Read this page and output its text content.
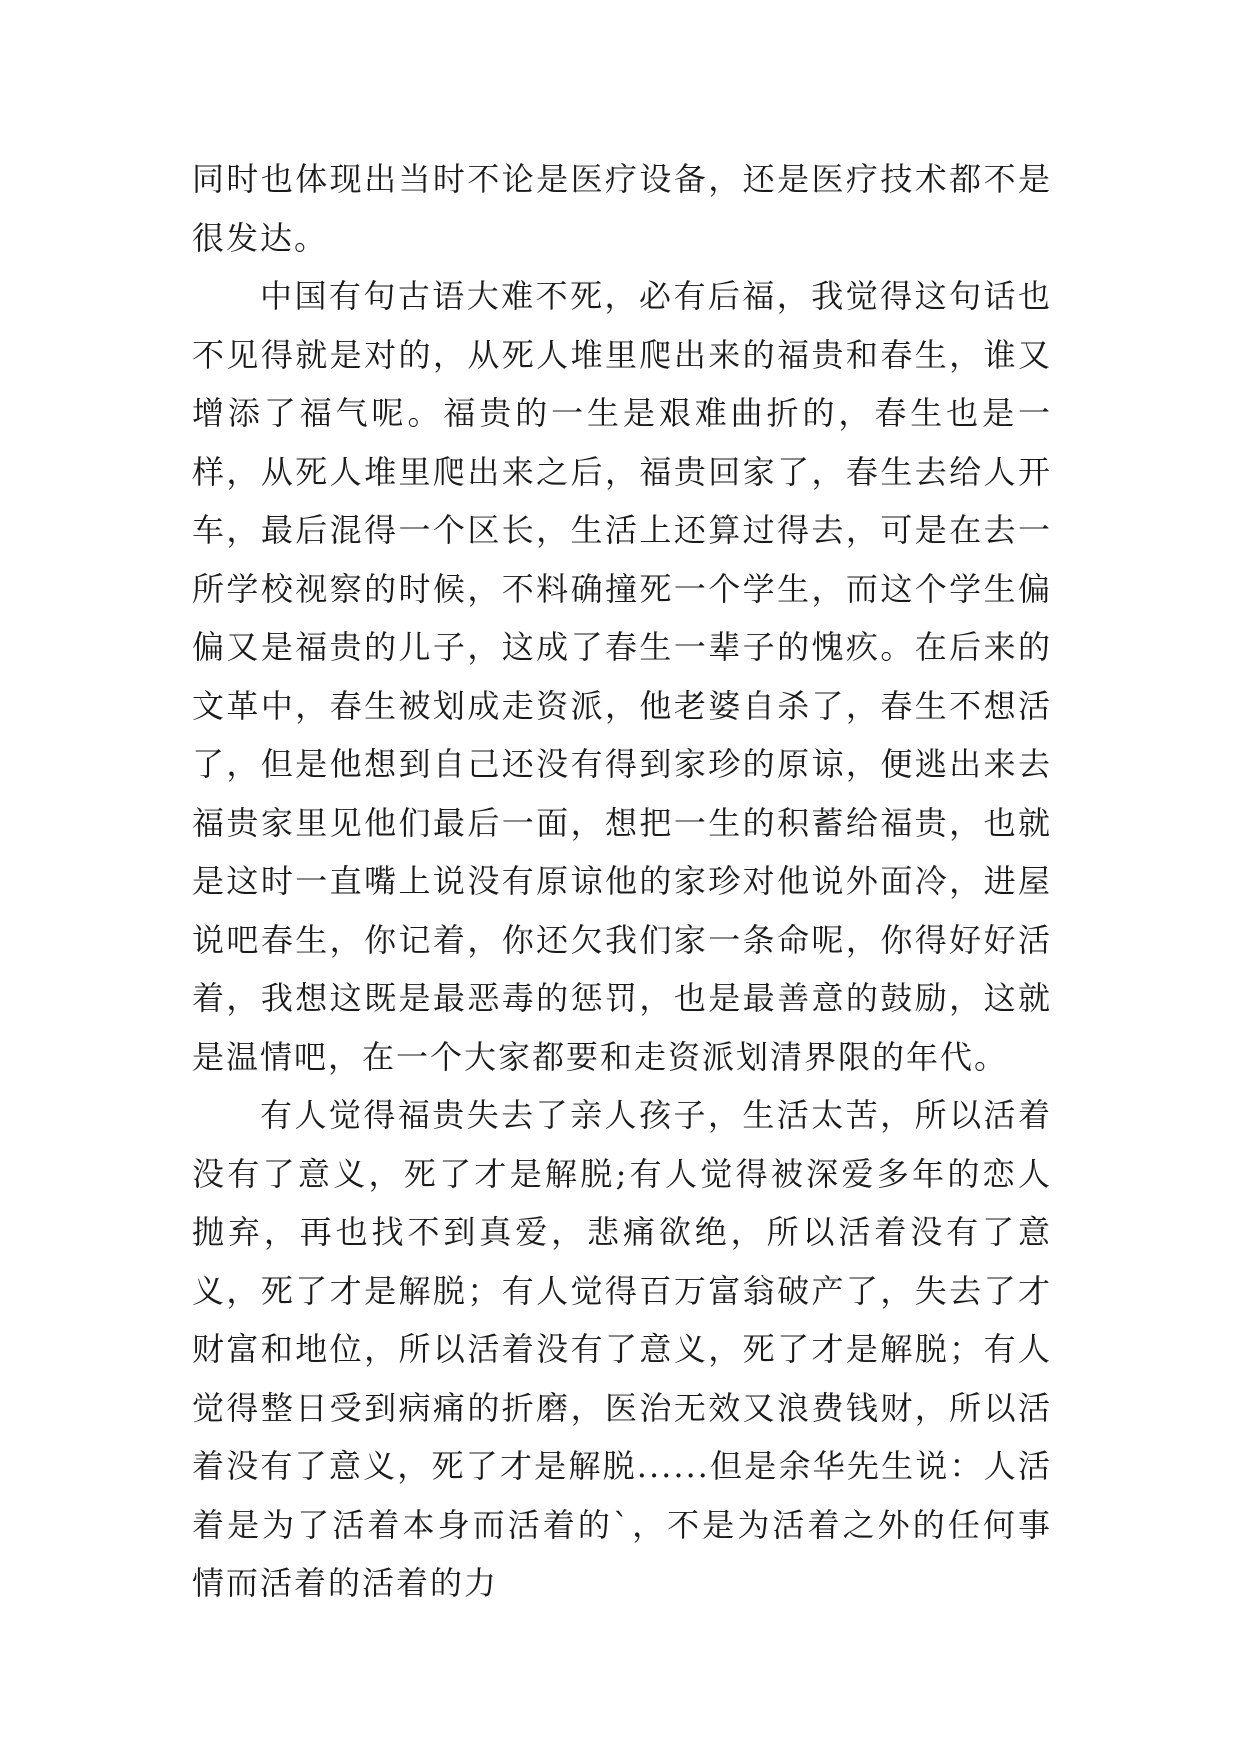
同时也体现出当时不论是医疗设备，还是医疗技术都不是很发达。

中国有句古语大难不死，必有后福，我觉得这句话也不见得就是对的，从死人堆里爬出来的福贵和春生，谁又增添了福气呢。福贵的一生是艰难曲折的，春生也是一样，从死人堆里爬出来之后，福贵回家了，春生去给人开车，最后混得一个区长，生活上还算过得去，可是在去一所学校视察的时候，不料确撞死一个学生，而这个学生偏偏又是福贵的儿子，这成了春生一辈子的愧疚。在后来的文革中，春生被划成走资派，他老婆自杀了，春生不想活了，但是他想到自己还没有得到家珍的原谅，便逃出来去福贵家里见他们最后一面，想把一生的积蓄给福贵，也就是这时一直嘴上说没有原谅他的家珍对他说外面冷，进屋说吧春生，你记着，你还欠我们家一条命呢，你得好好活着，我想这既是最恶毒的惩罚，也是最善意的鼓励，这就是温情吧，在一个大家都要和走资派划清界限的年代。

有人觉得福贵失去了亲人孩子，生活太苦，所以活着没有了意义，死了才是解脱;有人觉得被深爱多年的恋人抛弃，再也找不到真爱，悲痛欲绝，所以活着没有了意义，死了才是解脱；有人觉得百万富翁破产了，失去了才财富和地位，所以活着没有了意义，死了才是解脱；有人觉得整日受到病痛的折磨，医治无效又浪费钱财，所以活着没有了意义，死了才是解脱......但是余华先生说：人活着是为了活着本身而活着的`，不是为活着之外的任何事情而活着的活着的力
